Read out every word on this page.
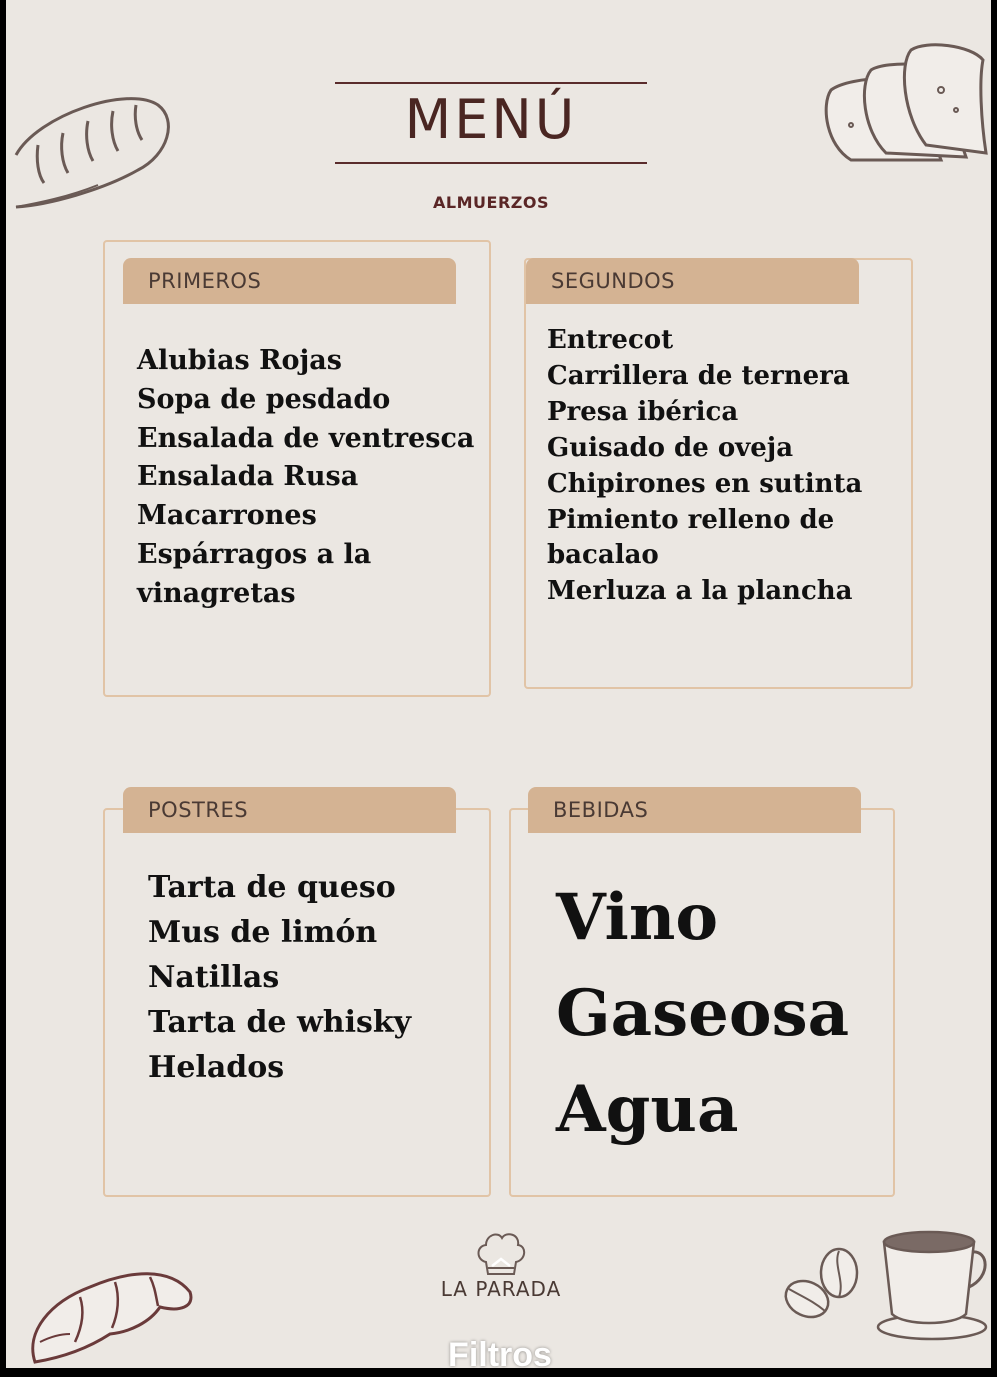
MENÚ
ALMUERZOS
PRIMEROS
Alubias Rojas
Sopa de pesdado
Ensalada de ventresca
Ensalada Rusa
Macarrones
Espárragos a la
vinagretas
SEGUNDOS
Entrecot
Carrillera de ternera
Presa ibérica
Guisado de oveja
Chipirones en sutinta
Pimiento relleno de
bacalao
Merluza a la plancha
POSTRES
Tarta de queso
Mus de limón
Natillas
Tarta de whisky
Helados
BEBIDAS
Vino
Gaseosa
Agua
LA PARADA
Filtros
